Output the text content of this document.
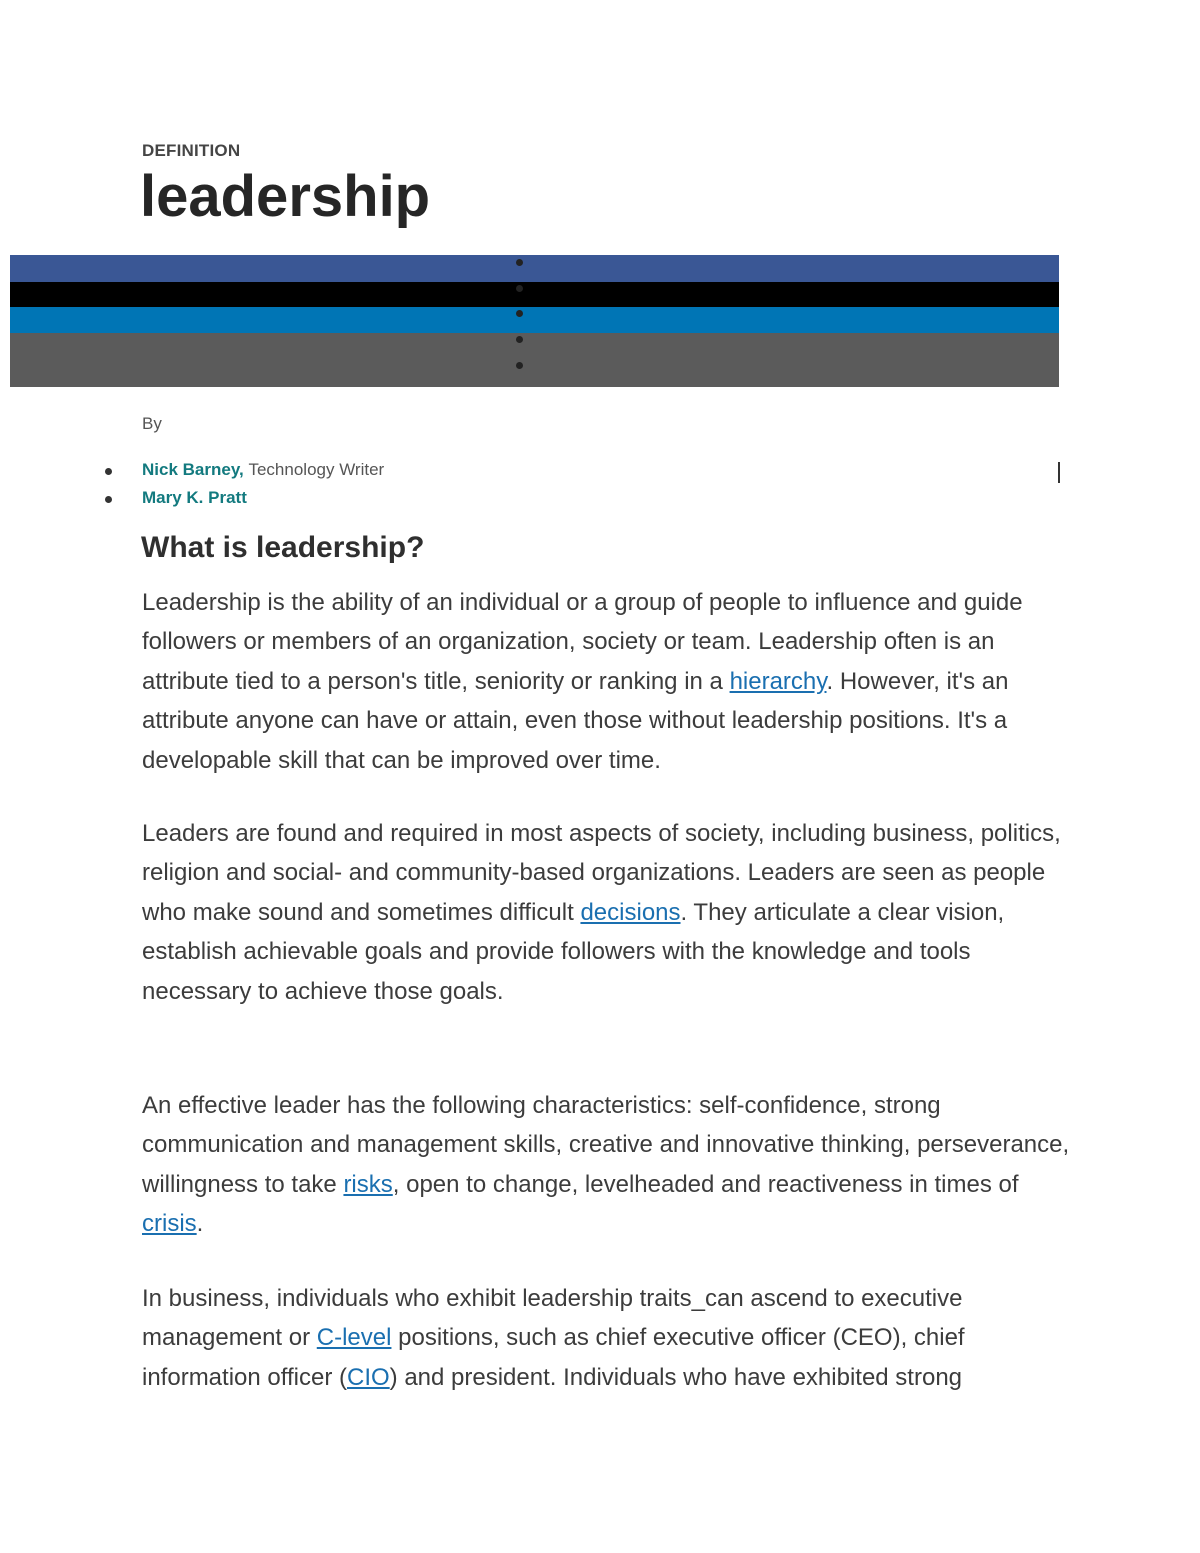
DEFINITION
leadership
By
Nick Barney, Technology Writer
Mary K. Pratt
What is leadership?

Leadership is the ability of an individual or a group of people to influence and guide followers or members of an organization, society or team. Leadership often is an attribute tied to a person's title, seniority or ranking in a hierarchy. However, it's an attribute anyone can have or attain, even those without leadership positions. It's a developable skill that can be improved over time.

Leaders are found and required in most aspects of society, including business, politics, religion and social- and community-based organizations. Leaders are seen as people who make sound and sometimes difficult decisions. They articulate a clear vision, establish achievable goals and provide followers with the knowledge and tools necessary to achieve those goals.

An effective leader has the following characteristics: self-confidence, strong communication and management skills, creative and innovative thinking, perseverance, willingness to take risks, open to change, levelheaded and reactiveness in times of crisis.

In business, individuals who exhibit leadership traits_can ascend to executive management or C-level positions, such as chief executive officer (CEO), chief information officer (CIO) and president. Individuals who have exhibited strong
